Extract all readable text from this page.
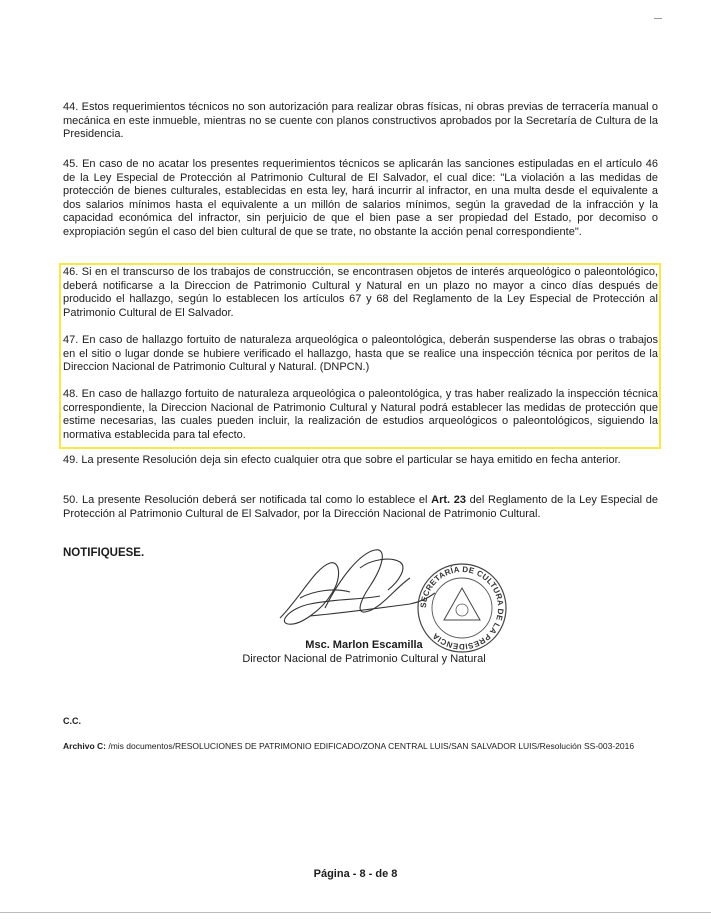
44. Estos requerimientos técnicos no son autorización para realizar obras físicas, ni obras previas de terracería manual o mecánica en este inmueble, mientras no se cuente con planos constructivos aprobados por la Secretaría de Cultura de la Presidencia.

45. En caso de no acatar los presentes requerimientos técnicos se aplicarán las sanciones estipuladas en el artículo 46 de la Ley Especial de Protección al Patrimonio Cultural de El Salvador, el cual dice: "La violación a las medidas de protección de bienes culturales, establecidas en esta ley, hará incurrir al infractor, en una multa desde el equivalente a dos salarios mínimos hasta el equivalente a un millón de salarios mínimos, según la gravedad de la infracción y la capacidad económica del infractor, sin perjuicio de que el bien pase a ser propiedad del Estado, por decomiso o expropiación según el caso del bien cultural de que se trate, no obstante la acción penal correspondiente".

46. Si en el transcurso de los trabajos de construcción, se encontrasen objetos de interés arqueológico o paleontológico, deberá notificarse a la Direccion de Patrimonio Cultural y Natural en un plazo no mayor a cinco días después de producido el hallazgo, según lo establecen los artículos 67 y 68 del Reglamento de la Ley Especial de Protección al Patrimonio Cultural de El Salvador.

47. En caso de hallazgo fortuito de naturaleza arqueológica o paleontológica, deberán suspenderse las obras o trabajos en el sitio o lugar donde se hubiere verificado el hallazgo, hasta que se realice una inspección técnica por peritos de la Direccion Nacional de Patrimonio Cultural y Natural. (DNPCN.)

48. En caso de hallazgo fortuito de naturaleza arqueológica o paleontológica, y tras haber realizado la inspección técnica correspondiente, la Direccion Nacional de Patrimonio Cultural y Natural podrá establecer las medidas de protección que estime necesarias, las cuales pueden incluir, la realización de estudios arqueológicos o paleontológicos, siguiendo la normativa establecida para tal efecto.

49. La presente Resolución deja sin efecto cualquier otra que sobre el particular se haya emitido en fecha anterior.

50. La presente Resolución deberá ser notificada tal como lo establece el Art. 23 del Reglamento de la Ley Especial de Protección al Patrimonio Cultural de El Salvador, por la Dirección Nacional de Patrimonio Cultural.

NOTIFIQUESE.
SECRETARÍA DE CULTURA DE LA PRESIDENCIA
Msc. Marlon Escamilla
Director Nacional de Patrimonio Cultural y Natural
C.C.
Archivo C: /mis documentos/RESOLUCIONES DE PATRIMONIO EDIFICADO/ZONA CENTRAL LUIS/SAN SALVADOR LUIS/Resolución SS-003-2016
Página - 8 - de 8
